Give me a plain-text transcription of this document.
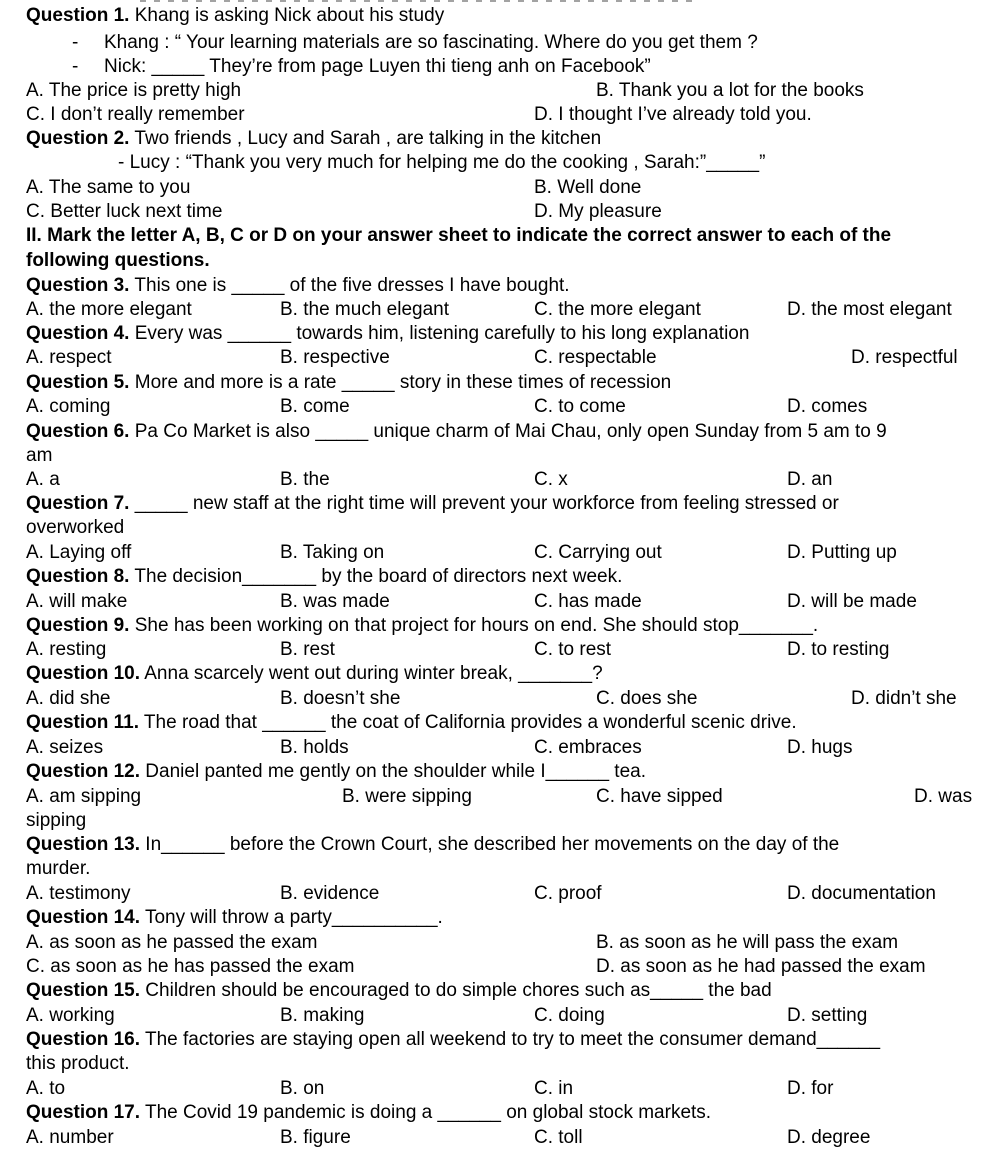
Question 1. Khang is asking Nick about his study
- Khang : “ Your learning materials are so fascinating. Where do you get them ?
- Nick: _____ They’re from page Luyen thi tieng anh on Facebook”
A. The price is pretty high	B. Thank you a lot for the books
C. I don’t really remember	D. I thought I’ve already told you.
Question 2. Two friends , Lucy and Sarah , are talking in the kitchen
- Lucy : “Thank you very much for helping me do the cooking , Sarah:”_____”
A. The same to you	B. Well done
C. Better luck next time	D. My pleasure
II. Mark the letter A, B, C or D on your answer sheet to indicate the correct answer to each of the
following questions.
Question 3. This one is _____ of the five dresses I have bought.
A. the more elegant	B. the much elegant	C. the more elegant	D. the most elegant
Question 4. Every was ______ towards him, listening carefully to his long explanation
A. respect	B. respective	C. respectable	D. respectful
Question 5. More and more is a rate _____ story in these times of recession
A. coming	B. come	C. to come	D. comes
Question 6. Pa Co Market is also _____ unique charm of Mai Chau, only open Sunday from 5 am to 9
am
A. a	B. the	C. x	D. an
Question 7. _____ new staff at the right time will prevent your workforce from feeling stressed or
overworked
A. Laying off	B. Taking on	C. Carrying out	D. Putting up
Question 8. The decision_______ by the board of directors next week.
A. will make	B. was made	C. has made	D. will be made
Question 9. She has been working on that project for hours on end. She should stop_______.
A. resting	B. rest	C. to rest	D. to resting
Question 10. Anna scarcely went out during winter break, _______?
A. did she	B. doesn’t she	C. does she	D. didn’t she
Question 11. The road that ______ the coat of California provides a wonderful scenic drive.
A. seizes	B. holds	C. embraces	D. hugs
Question 12. Daniel panted me gently on the shoulder while I______ tea.
A. am sipping	B. were sipping	C. have sipped	D. was
sipping
Question 13. In______ before the Crown Court, she described her movements on the day of the
murder.
A. testimony	B. evidence	C. proof	D. documentation
Question 14. Tony will throw a party__________.
A. as soon as he passed the exam	B. as soon as he will pass the exam
C. as soon as he has passed the exam	D. as soon as he had passed the exam
Question 15. Children should be encouraged to do simple chores such as_____ the bad
A. working	B. making	C. doing	D. setting
Question 16. The factories are staying open all weekend to try to meet the consumer demand______
this product.
A. to	B. on	C. in	D. for
Question 17. The Covid 19 pandemic is doing a ______ on global stock markets.
A. number	B. figure	C. toll	D. degree
